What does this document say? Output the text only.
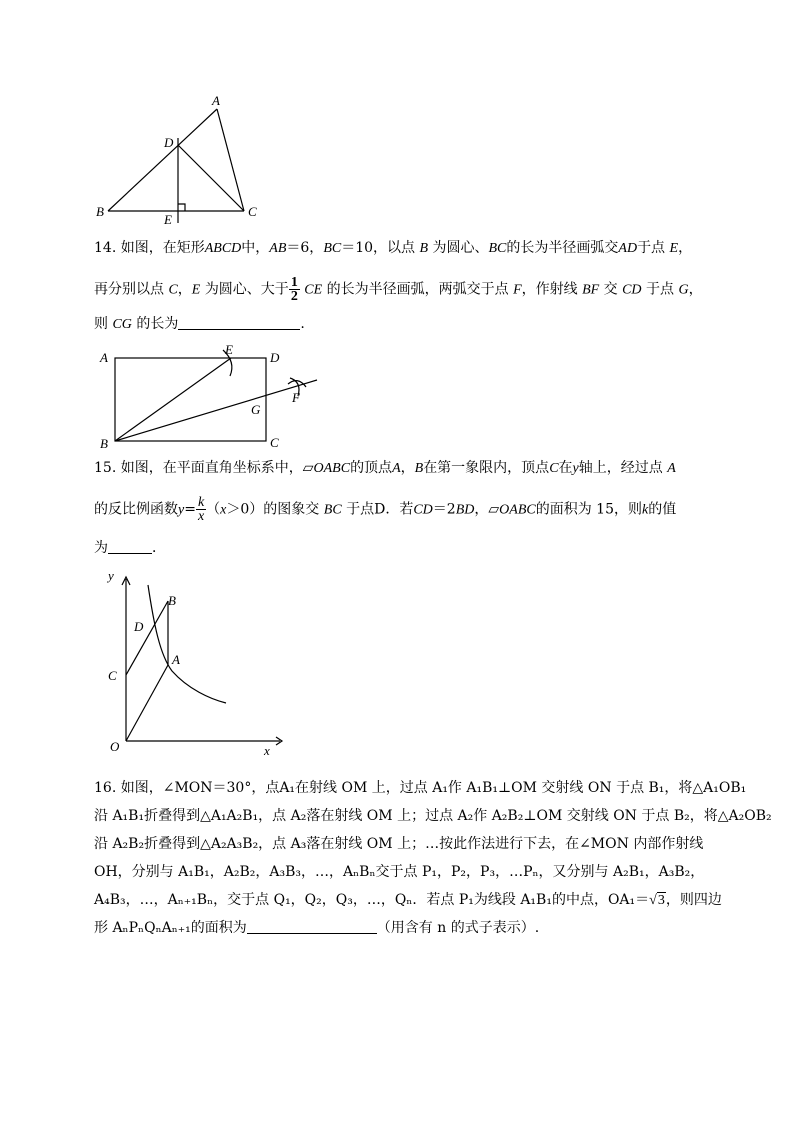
A
B	C
D
E
14. 如图，在矩形ABCD中，AB＝6，BC＝10，以点 B 为圆心、BC的长为半径画弧交AD于点 E，
再分别以点 C，E 为圆心、大于 $\frac{1}{2}$ CE 的长为半径画弧，两弧交于点 F，作射线 BF 交 CD 于点 G，
则 CG 的长为	.
A
B	C
D
E
F
G
15. 如图，在平面直角坐标系中，▱OABC的顶点A，B在第一象限内，顶点C在y轴上，经过点 A
的反比例函数$y= \frac{k}{x} (x>0)$的图象交 BC 于点D．若CD＝2BD，▱OABC的面积为 15，则k的值
为	．
y
x
O
C
D
B
A
16. 如图，∠MON＝30°，点A₁在射线 OM 上，过点 A₁作 A₁B₁⊥OM 交射线 ON 于点 B₁，将△A₁OB₁
沿 A₁B₁折叠得到△A₁A₂B₁，点 A₂落在射线 OM 上；过点 A₂作 A₂B₂⊥OM 交射线 ON 于点 B₂，将△A₂OB₂
沿 A₂B₂折叠得到△A₂A₃B₂，点 A₃落在射线 OM 上；…按此作法进行下去，在∠MON 内部作射线
OH，分别与 A₁B₁，A₂B₂，A₃B₃，…，AₙBₙ交于点 P₁，P₂，P₃，…Pₙ，又分别与 A₂B₁，A₃B₂，
A₄B₃，…，Aₙ₊₁Bₙ，交于点 Q₁，Q₂，Q₃，…，Qₙ．若点 P₁为线段 A₁B₁的中点，OA₁＝√3，则四边
形 AₙPₙQₙAₙ₊₁的面积为	（用含有 n 的式子表示）.
